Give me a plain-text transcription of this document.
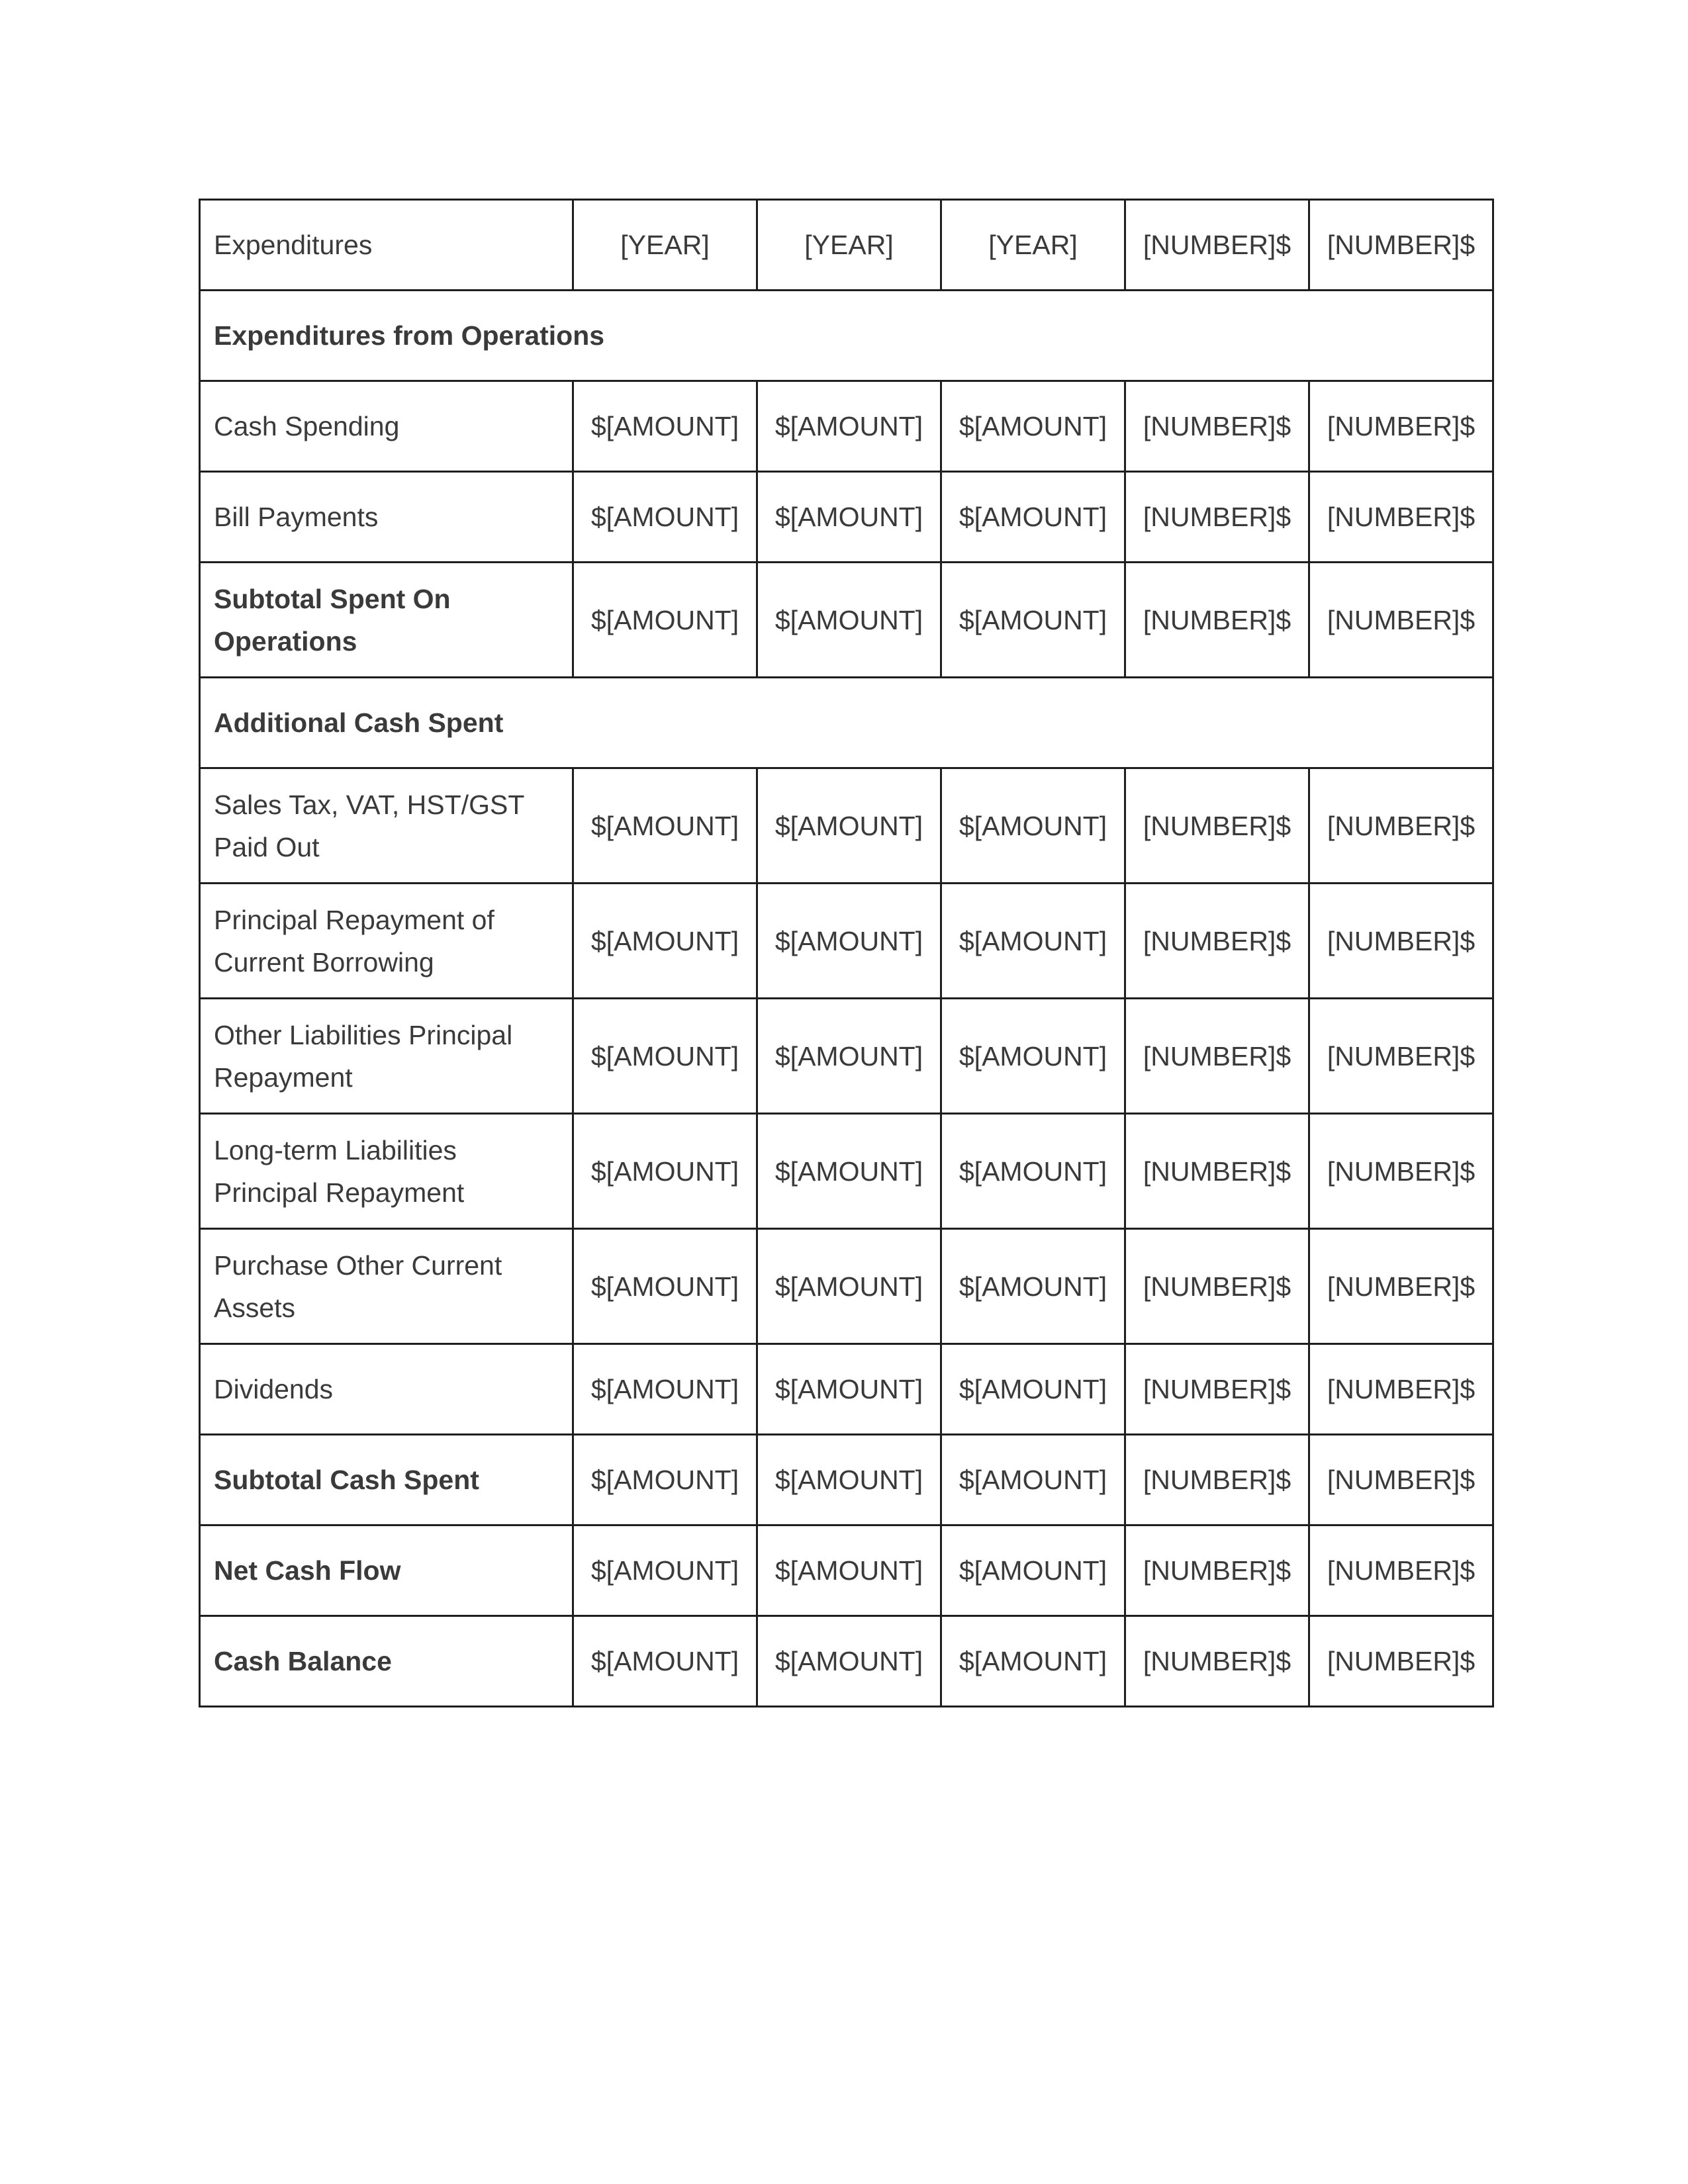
Expenditures	[YEAR]	[YEAR]	[YEAR]	[NUMBER]$	[NUMBER]$
Expenditures from Operations					
Cash Spending	$[AMOUNT]	$[AMOUNT]	$[AMOUNT]	[NUMBER]$	[NUMBER]$
Bill Payments	$[AMOUNT]	$[AMOUNT]	$[AMOUNT]	[NUMBER]$	[NUMBER]$
Subtotal Spent On Operations	$[AMOUNT]	$[AMOUNT]	$[AMOUNT]	[NUMBER]$	[NUMBER]$
Additional Cash Spent					
Sales Tax, VAT, HST/GST Paid Out	$[AMOUNT]	$[AMOUNT]	$[AMOUNT]	[NUMBER]$	[NUMBER]$
Principal Repayment of Current Borrowing	$[AMOUNT]	$[AMOUNT]	$[AMOUNT]	[NUMBER]$	[NUMBER]$
Other Liabilities Principal Repayment	$[AMOUNT]	$[AMOUNT]	$[AMOUNT]	[NUMBER]$	[NUMBER]$
Long-term Liabilities Principal Repayment	$[AMOUNT]	$[AMOUNT]	$[AMOUNT]	[NUMBER]$	[NUMBER]$
Purchase Other Current Assets	$[AMOUNT]	$[AMOUNT]	$[AMOUNT]	[NUMBER]$	[NUMBER]$
Dividends	$[AMOUNT]	$[AMOUNT]	$[AMOUNT]	[NUMBER]$	[NUMBER]$
Subtotal Cash Spent	$[AMOUNT]	$[AMOUNT]	$[AMOUNT]	[NUMBER]$	[NUMBER]$
Net Cash Flow	$[AMOUNT]	$[AMOUNT]	$[AMOUNT]	[NUMBER]$	[NUMBER]$
Cash Balance	$[AMOUNT]	$[AMOUNT]	$[AMOUNT]	[NUMBER]$	[NUMBER]$
